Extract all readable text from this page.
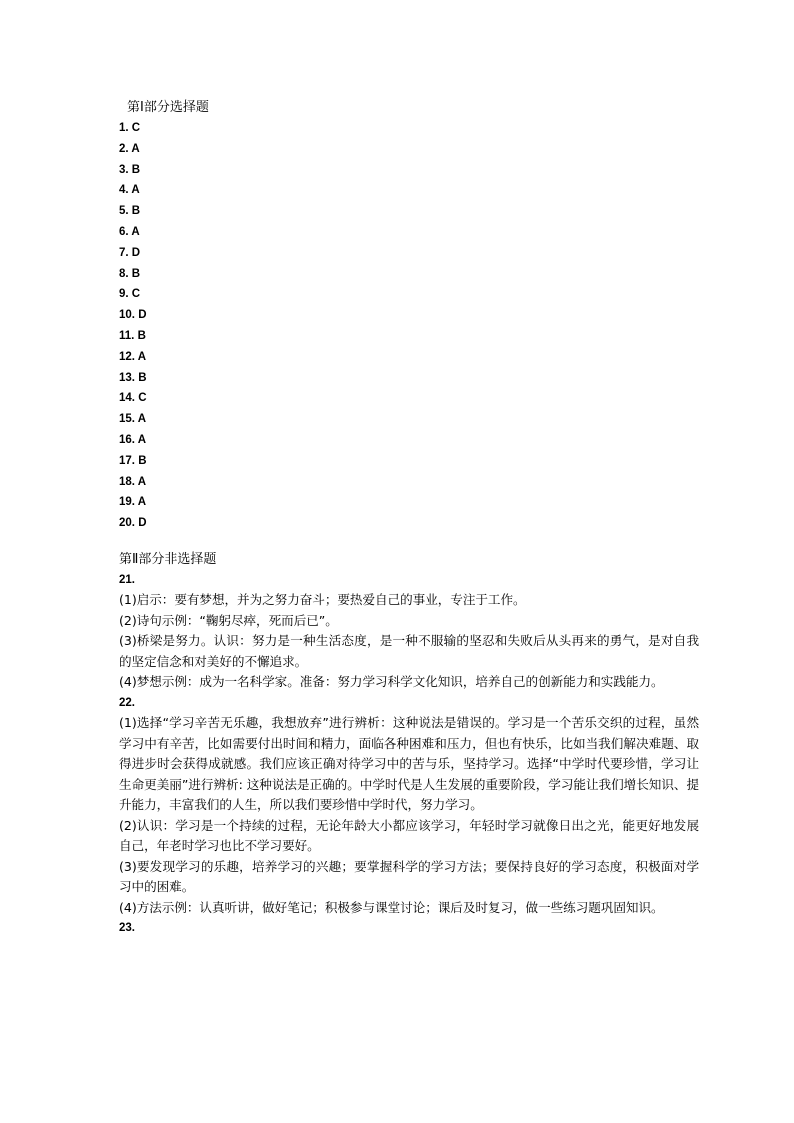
第Ⅰ部分选择题
1. C
2. A
3. B
4. A
5. B
6. A
7. D
8. B
9. C
10. D
11. B
12. A
13. B
14. C
15. A
16. A
17. B
18. A
19. A
20. D
第Ⅱ部分非选择题
21.
(1)启示：要有梦想，并为之努力奋斗；要热爱自己的事业，专注于工作。
(2)诗句示例：“鞠躬尽瘁，死而后已”。
(3)桥梁是努力。认识：努力是一种生活态度，是一种不服输的坚忍和失败后从头再来的勇气，是对自我的坚定信念和对美好的不懈追求。
(4)梦想示例：成为一名科学家。准备：努力学习科学文化知识，培养自己的创新能力和实践能力。
22.
(1)选择“学习辛苦无乐趣，我想放弃”进行辨析：这种说法是错误的。学习是一个苦乐交织的过程，虽然学习中有辛苦，比如需要付出时间和精力，面临各种困难和压力，但也有快乐，比如当我们解决难题、取得进步时会获得成就感。我们应该正确对待学习中的苦与乐，坚持学习。选择“中学时代要珍惜，学习让生命更美丽”进行辨析: 这种说法是正确的。中学时代是人生发展的重要阶段，学习能让我们增长知识、提升能力，丰富我们的人生，所以我们要珍惜中学时代，努力学习。
(2)认识：学习是一个持续的过程，无论年龄大小都应该学习，年轻时学习就像日出之光，能更好地发展自己，年老时学习也比不学习要好。
(3)要发现学习的乐趣，培养学习的兴趣；要掌握科学的学习方法；要保持良好的学习态度，积极面对学习中的困难。
(4)方法示例：认真听讲，做好笔记；积极参与课堂讨论；课后及时复习，做一些练习题巩固知识。
23.
